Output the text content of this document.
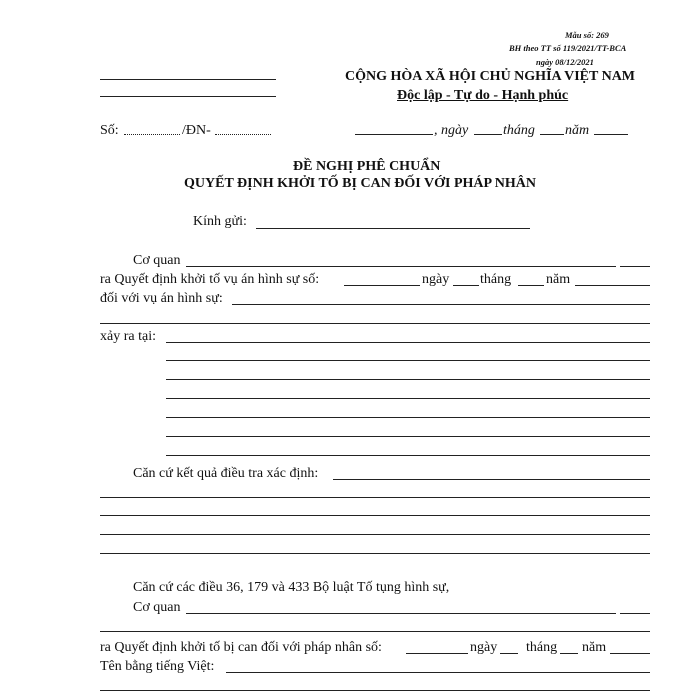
Mẫu số: 269
BH theo TT số 119/2021/TT-BCA
ngày 08/12/2021
CỘNG HÒA XÃ HỘI CHỦ NGHĨA VIỆT NAM
Độc lập - Tự do - Hạnh phúc
Số:	/ĐN-	, ngày tháng năm
ĐỀ NGHỊ PHÊ CHUẨN
QUYẾT ĐỊNH KHỞI TỐ BỊ CAN ĐỐI VỚI PHÁP NHÂN
Kính gửi:
Cơ quan
ra Quyết định khởi tố vụ án hình sự số:	ngày tháng năm
đối với vụ án hình sự:
xảy ra tại:
Căn cứ kết quả điều tra xác định:
Căn cứ các điều 36, 179 và 433 Bộ luật Tố tụng hình sự,
Cơ quan
ra Quyết định khởi tố bị can đối với pháp nhân số:	ngày tháng năm
Tên bằng tiếng Việt:
